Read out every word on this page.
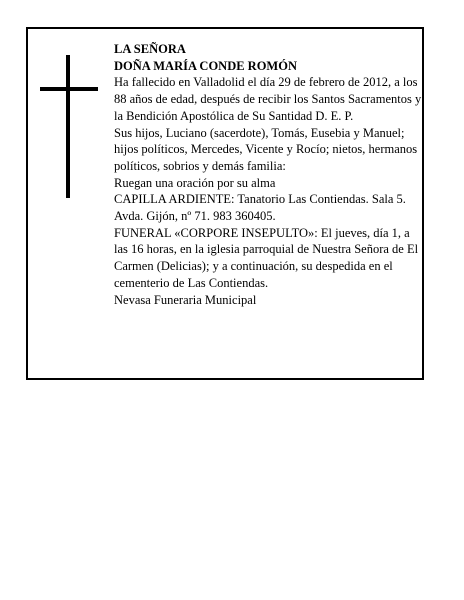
LA SEÑORA

DOÑA MARÍA CONDE ROMÓN

Ha fallecido en Valladolid el día 29 de febrero de 2012, a los 88 años de edad, después de recibir los Santos Sacramentos y la Bendición Apostólica de Su Santidad D. E. P.

Sus hijos, Luciano (sacerdote), Tomás, Eusebia y Manuel; hijos políticos, Mercedes, Vicente y Rocío; nietos, hermanos políticos, sobrios y demás familia:

Ruegan una oración por su alma

CAPILLA ARDIENTE: Tanatorio Las Contiendas. Sala 5. Avda. Gijón, nº 71. 983 360405.

FUNERAL «CORPORE INSEPULTO»: El jueves, día 1, a las 16 horas, en la iglesia parroquial de Nuestra Señora de El Carmen (Delicias); y a continuación, su despedida en el cementerio de Las Contiendas.

Nevasa Funeraria Municipal
